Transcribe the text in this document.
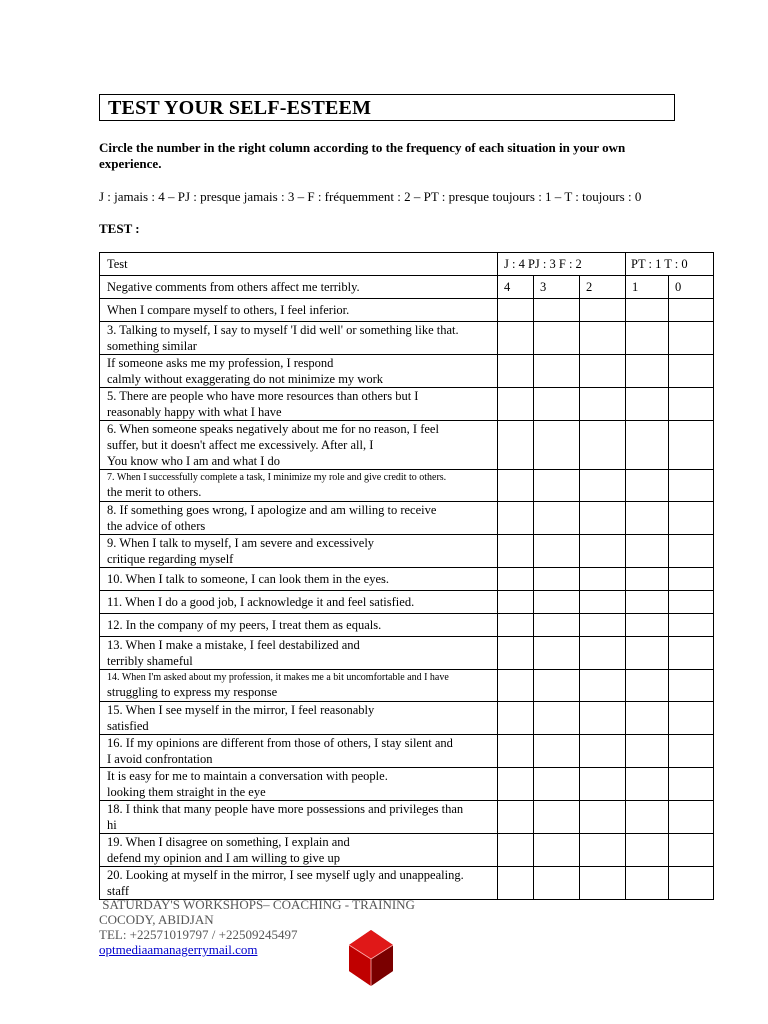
TEST YOUR SELF-ESTEEM
Circle the number in the right column according to the frequency of each situation in your own experience.
J : jamais : 4 – PJ : presque jamais : 3 – F : fréquemment : 2 – PT : presque toujours : 1 – T : toujours : 0
TEST :
Test	J : 4 PJ : 3 F : 2			PT : 1 T : 0	

Negative comments from others affect me terribly.	4	3	2	1	0

When I compare myself to others, I feel inferior.					

3. Talking to myself, I say to myself 'I did well' or something like that.
something similar					

If someone asks me my profession, I respond
calmly without exaggerating do not minimize my work					

5. There are people who have more resources than others but I
reasonably happy with what I have					

6. When someone speaks negatively about me for no reason, I feel
suffer, but it doesn't affect me excessively. After all, I
You know who I am and what I do					

7. When I successfully complete a task, I minimize my role and give credit to others.
the merit to others.					

8. If something goes wrong, I apologize and am willing to receive
the advice of others					

9. When I talk to myself, I am severe and excessively
critique regarding myself					

10. When I talk to someone, I can look them in the eyes.					

11. When I do a good job, I acknowledge it and feel satisfied.					

12. In the company of my peers, I treat them as equals.					

13. When I make a mistake, I feel destabilized and
terribly shameful					

14. When I'm asked about my profession, it makes me a bit uncomfortable and I have
struggling to express my response					

15. When I see myself in the mirror, I feel reasonably
satisfied					

16. If my opinions are different from those of others, I stay silent and
I avoid confrontation					

It is easy for me to maintain a conversation with people.
looking them straight in the eye					

18. I think that many people have more possessions and privileges than
hi					

19. When I disagree on something, I explain and
defend my opinion and I am willing to give up					

20. Looking at myself in the mirror, I see myself ugly and unappealing.
staff					

SATURDAY'S WORKSHOPS– COACHING - TRAINING
COCODY, ABIDJAN
TEL: +22571019797 / +22509245497
optmediaamanagerrymail.com
